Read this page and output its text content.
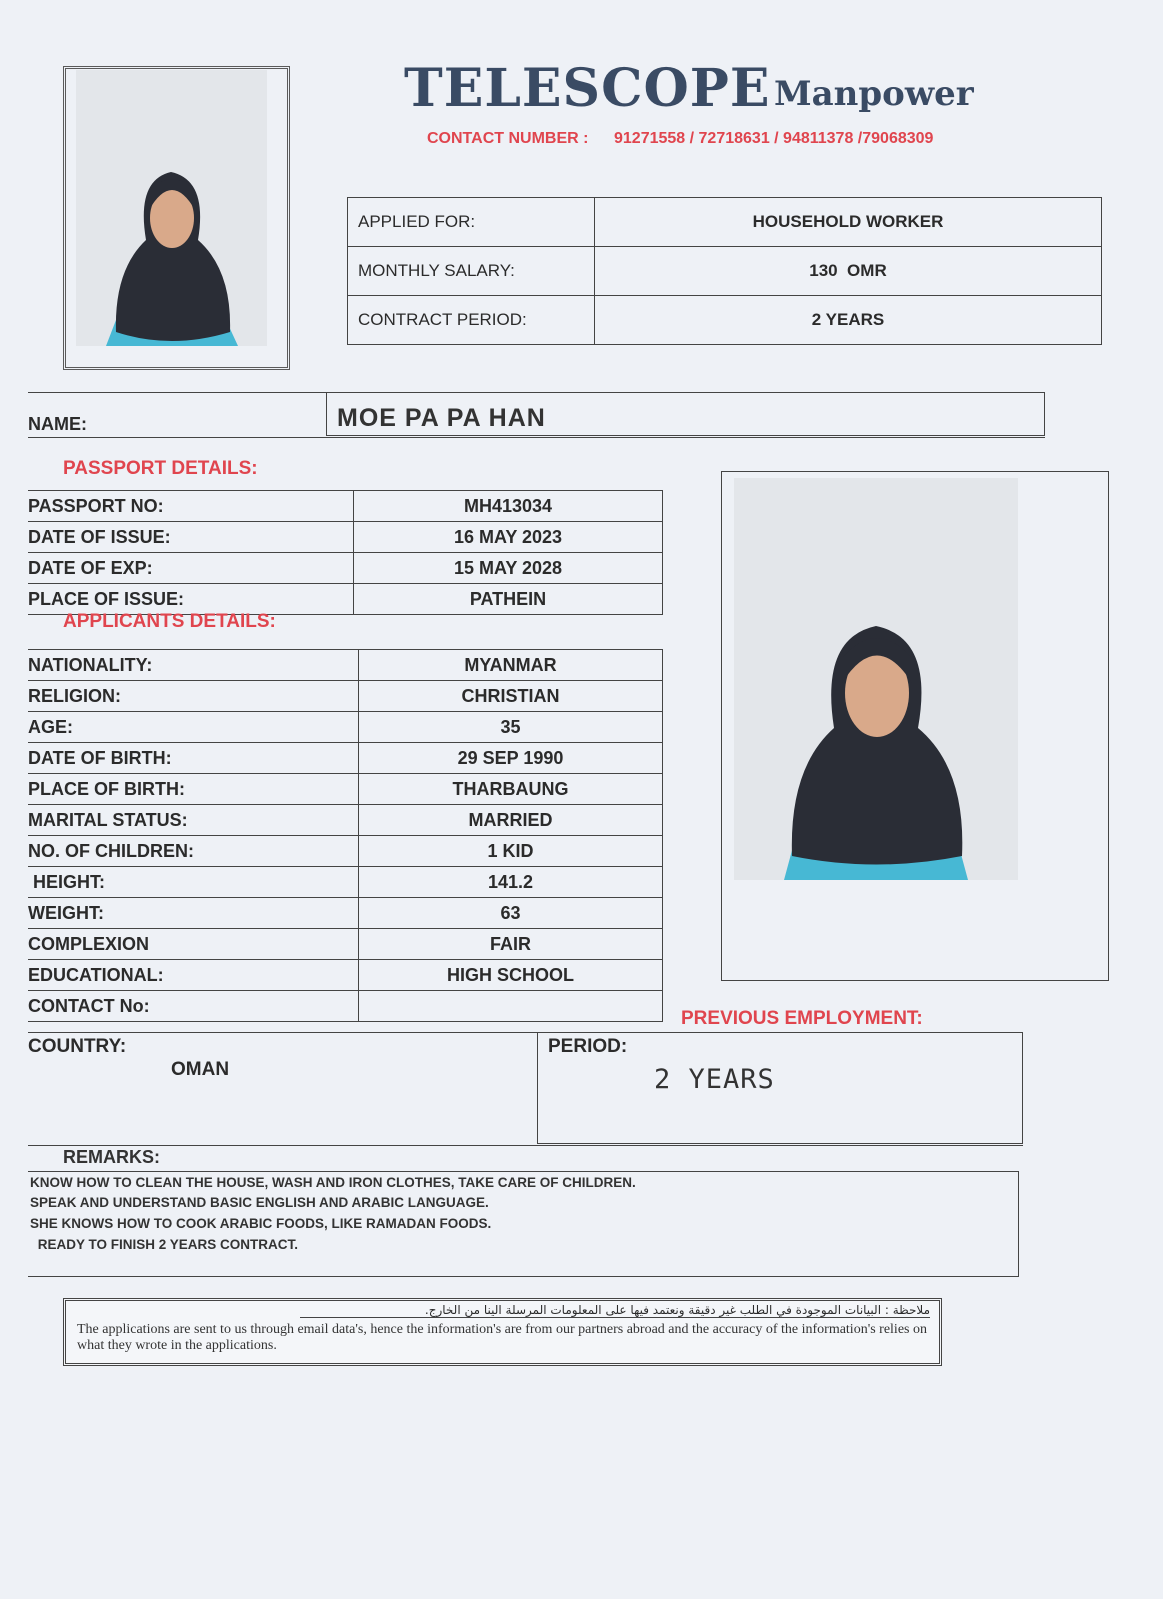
TELESCOPE Manpower
CONTACT NUMBER : 91271558 / 72718631 / 94811378 /79068309
APPLIED FOR:	HOUSEHOLD WORKER
MONTHLY SALARY:	130  OMR
CONTRACT PERIOD:	2 YEARS
NAME:	MOE PA PA HAN
PASSPORT DETAILS:
PASSPORT NO:	MH413034
DATE OF ISSUE:	16 MAY 2023
DATE OF EXP:	15 MAY 2028
PLACE OF ISSUE:	PATHEIN
APPLICANTS DETAILS:
NATIONALITY:	MYANMAR
RELIGION:	CHRISTIAN
AGE:	35
DATE OF BIRTH:	29 SEP 1990
PLACE OF BIRTH:	THARBAUNG
MARITAL STATUS:	MARRIED
NO. OF CHILDREN:	1 KID
HEIGHT:	141.2
WEIGHT:	63
COMPLEXION	FAIR
EDUCATIONAL:	HIGH SCHOOL
CONTACT No:	
PREVIOUS EMPLOYMENT:
COUNTRY:
OMAN
PERIOD:
2 YEARS
REMARKS:
KNOW HOW TO CLEAN THE HOUSE, WASH AND IRON CLOTHES, TAKE CARE OF CHILDREN.
SPEAK AND UNDERSTAND BASIC ENGLISH AND ARABIC LANGUAGE.
SHE KNOWS HOW TO COOK ARABIC FOODS, LIKE RAMADAN FOODS.
READY TO FINISH 2 YEARS CONTRACT.
ملاحظة : البيانات الموجودة في الطلب غير دقيقة ونعتمد فيها على المعلومات المرسلة الينا من الخارج.
The applications are sent to us through email data's, hence the information's are from our partners abroad and the accuracy of the information's relies on what they wrote in the applications.
